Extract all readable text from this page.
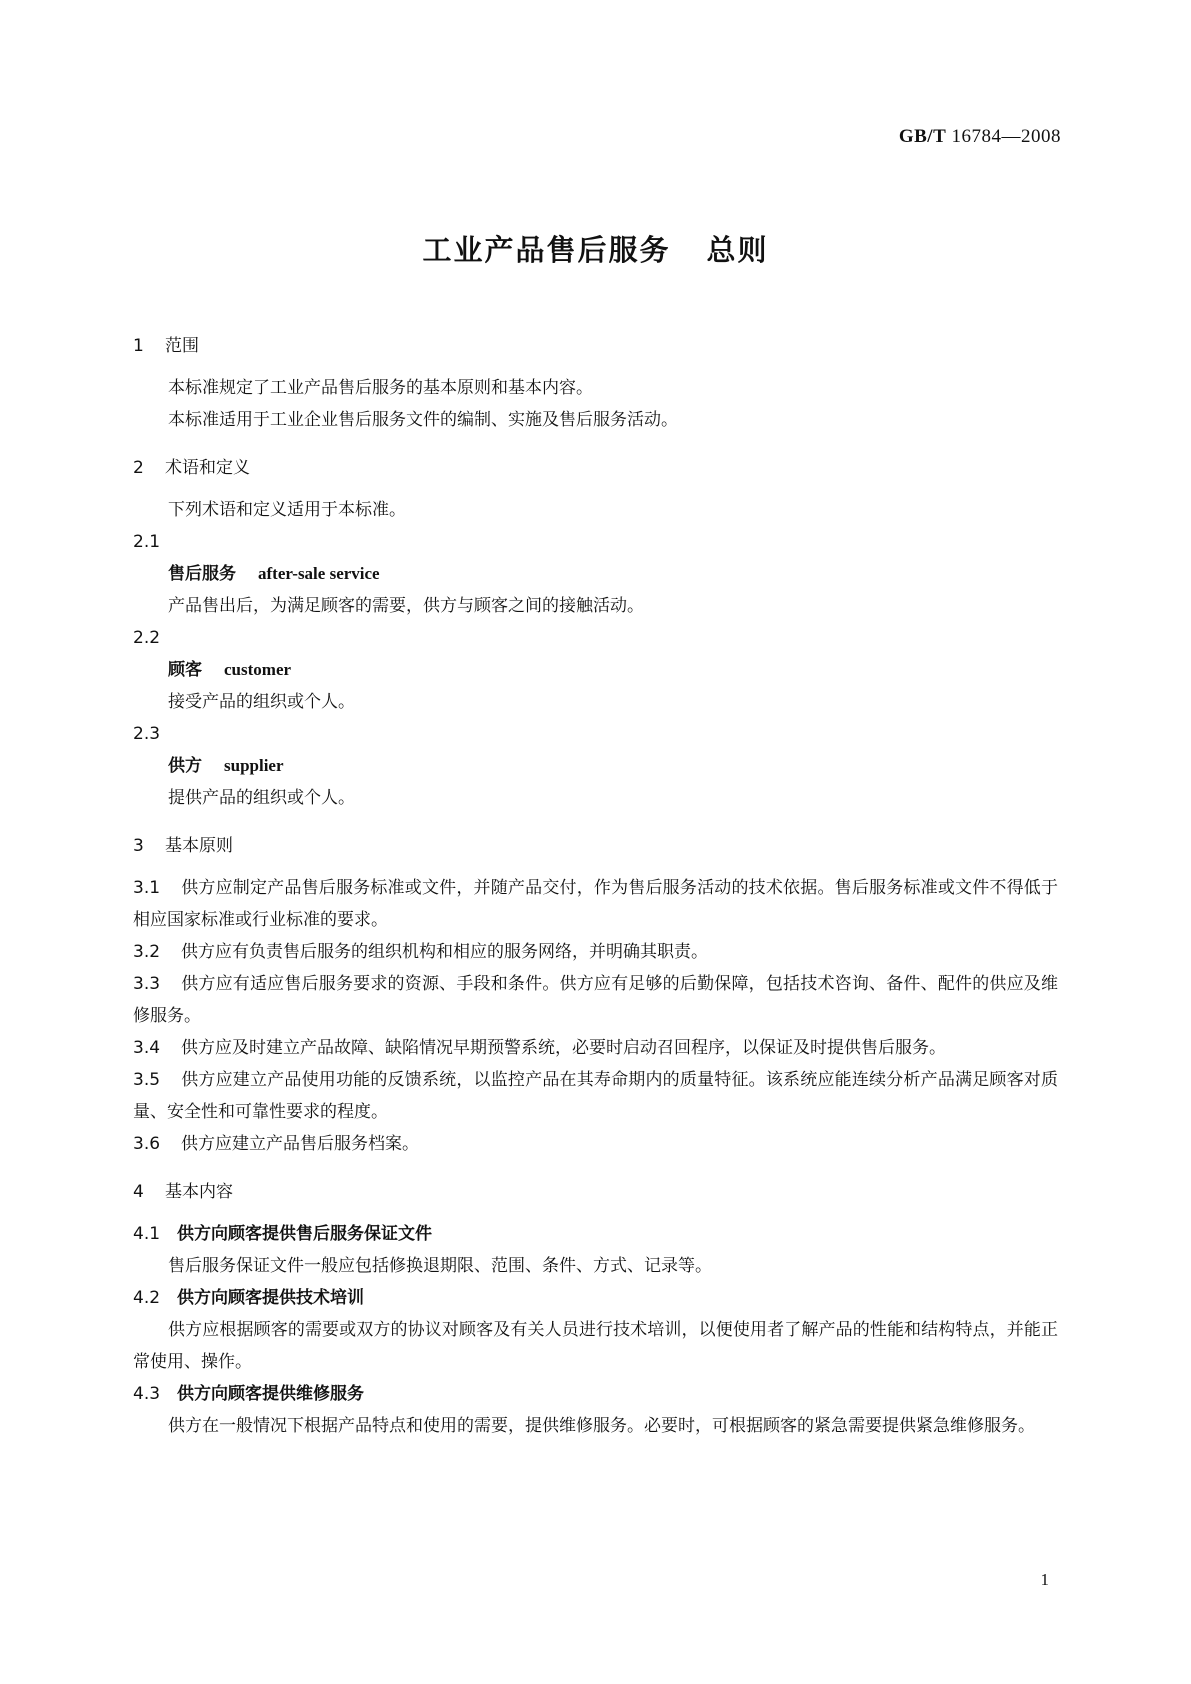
GB/T 16784—2008
工业产品售后服务 总则
1 范围
本标准规定了工业产品售后服务的基本原则和基本内容。
本标准适用于工业企业售后服务文件的编制、实施及售后服务活动。
2 术语和定义
下列术语和定义适用于本标准。
2.1
售后服务 after-sale service
产品售出后，为满足顾客的需要，供方与顾客之间的接触活动。
2.2
顾客 customer
接受产品的组织或个人。
2.3
供方 supplier
提供产品的组织或个人。
3 基本原则
3.1 供方应制定产品售后服务标准或文件，并随产品交付，作为售后服务活动的技术依据。售后服务标准或文件不得低于相应国家标准或行业标准的要求。
3.2 供方应有负责售后服务的组织机构和相应的服务网络，并明确其职责。
3.3 供方应有适应售后服务要求的资源、手段和条件。供方应有足够的后勤保障，包括技术咨询、备件、配件的供应及维修服务。
3.4 供方应及时建立产品故障、缺陷情况早期预警系统，必要时启动召回程序，以保证及时提供售后服务。
3.5 供方应建立产品使用功能的反馈系统，以监控产品在其寿命期内的质量特征。该系统应能连续分析产品满足顾客对质量、安全性和可靠性要求的程度。
3.6 供方应建立产品售后服务档案。
4 基本内容
4.1 供方向顾客提供售后服务保证文件
售后服务保证文件一般应包括修换退期限、范围、条件、方式、记录等。
4.2 供方向顾客提供技术培训
供方应根据顾客的需要或双方的协议对顾客及有关人员进行技术培训，以便使用者了解产品的性能和结构特点，并能正常使用、操作。
4.3 供方向顾客提供维修服务
供方在一般情况下根据产品特点和使用的需要，提供维修服务。必要时，可根据顾客的紧急需要提供紧急维修服务。
1
